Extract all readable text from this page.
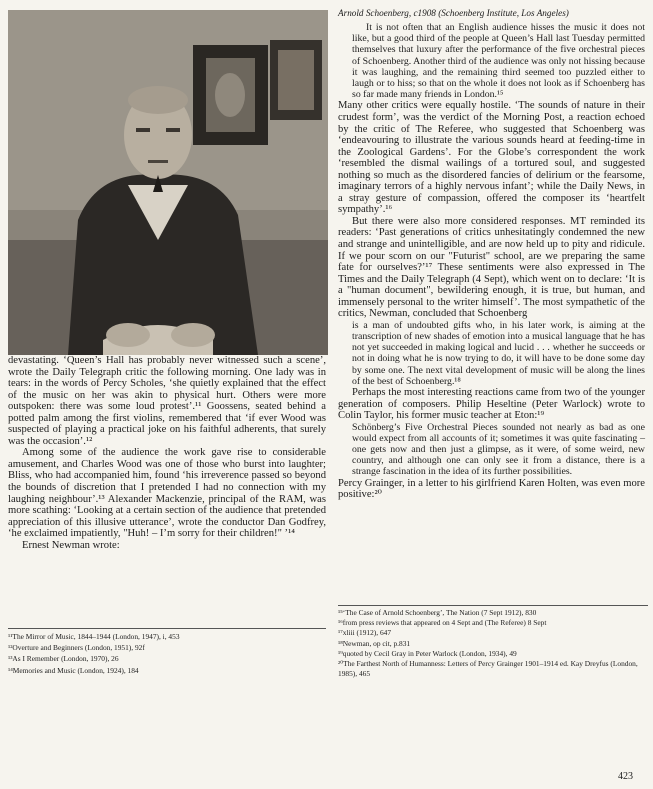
Arnold Schoenberg, c1908 (Schoenberg Institute, Los Angeles)

It is not often that an English audience hisses the music it does not like, but a good third of the people at Queen’s Hall last Tuesday permitted themselves that luxury after the performance of the five orchestral pieces of Schoenberg. Another third of the audience was only not hissing because it was laughing, and the remaining third seemed too puzzled either to laugh or to hiss; so that on the whole it does not look as if Schoenberg has so far made many friends in London.¹⁵

Many other critics were equally hostile. ‘The sounds of nature in their crudest form’, was the verdict of the Morning Post, a reaction echoed by the critic of The Referee, who suggested that Schoenberg was ‘endeavouring to illustrate the various sounds heard at feeding-time in the Zoological Gardens’. For the Globe’s correspondent the work ‘resembled the dismal wailings of a tortured soul, and suggested nothing so much as the disordered fancies of delirium or the fearsome, imaginary terrors of a highly nervous infant’; while the Daily News, in a stray gesture of compassion, offered the composer its ‘heartfelt sympathy’.¹⁶

But there were also more considered responses. MT reminded its readers: ‘Past generations of critics unhesitatingly condemned the new and strange and unintelligible, and are now held up to pity and ridicule. If we pour scorn on our "Futurist" school, are we preparing the same fate for ourselves?’¹⁷ These sentiments were also expressed in The Times and the Daily Telegraph (4 Sept), which went on to declare: ‘It is a "human document", bewildering enough, it is true, but human, and immensely personal to the writer himself’. The most sympathetic of the critics, Newman, concluded that Schoenberg

is a man of undoubted gifts who, in his later work, is aiming at the transcription of new shades of emotion into a musical language that he has not yet succeeded in making logical and lucid . . . whether he succeeds or not in doing what he is now trying to do, it will have to be done some day by some one. The next vital development of music will be along the lines of the best of Schoenberg.¹⁸

Perhaps the most interesting reactions came from two of the younger generation of composers. Philip Heseltine (Peter Warlock) wrote to Colin Taylor, his former music teacher at Eton:¹⁹

Schönberg’s Five Orchestral Pieces sounded not nearly as bad as one would expect from all accounts of it; sometimes it was quite fascinating – one gets now and then just a glimpse, as it were, of some weird, new country, and although one can only see it from a distance, there is a strange fascination in the idea of its further possibilities.

Percy Grainger, in a letter to his girlfriend Karen Holten, was even more positive:²⁰

devastating. ‘Queen’s Hall has probably never witnessed such a scene’, wrote the Daily Telegraph critic the following morning. One lady was in tears: in the words of Percy Scholes, ‘she quietly explained that the effect of the music on her was akin to physical hurt. Others were more outspoken: there was some loud protest’.¹¹ Goossens, seated behind a potted palm among the first violins, remembered that ‘if ever Wood was suspected of playing a practical joke on his faithful adherents, that surely was the occasion’.¹²

Among some of the audience the work gave rise to considerable amusement, and Charles Wood was one of those who burst into laughter; Bliss, who had accompanied him, found ‘his irreverence passed so beyond the bounds of discretion that I pretended I had no connection with my laughing neighbour’.¹³ Alexander Mackenzie, principal of the RAM, was more scathing: ‘Looking at a certain section of the audience that pretended appreciation of this illusive utterance’, wrote the conductor Dan Godfrey, ‘he exclaimed impatiently, "Huh! – I’m sorry for their children!" ’¹⁴

Ernest Newman wrote:

¹¹The Mirror of Music, 1844–1944 (London, 1947), i, 453

¹²Overture and Beginners (London, 1951), 92f

¹³As I Remember (London, 1970), 26

¹⁴Memories and Music (London, 1924), 184

¹⁵‘The Case of Arnold Schoenberg’, The Nation (7 Sept 1912), 830

¹⁶from press reviews that appeared on 4 Sept and (The Referee) 8 Sept

¹⁷xliii (1912), 647

¹⁸Newman, op cit, p.831

¹⁹quoted by Cecil Gray in Peter Warlock (London, 1934), 49

²⁰The Farthest North of Humanness: Letters of Percy Grainger 1901–1914 ed. Kay Dreyfus (London, 1985), 465

423
